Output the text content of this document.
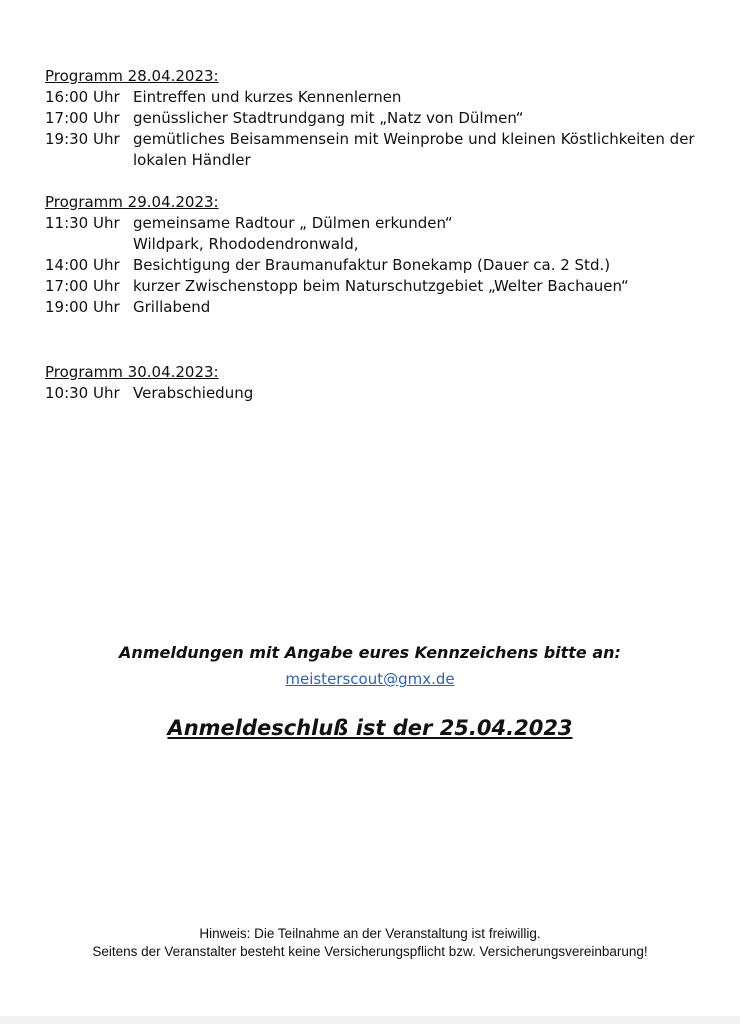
Programm 28.04.2023:
16:00 Uhr Eintreffen und kurzes Kennenlernen
17:00 Uhr genüsslicher Stadtrundgang mit „Natz von Dülmen“
19:30 Uhr gemütliches Beisammensein mit Weinprobe und kleinen Köstlichkeiten der
lokalen Händler
Programm 29.04.2023:
11:30 Uhr gemeinsame Radtour „ Dülmen erkunden“
Wildpark, Rhododendronwald,
14:00 Uhr Besichtigung der Braumanufaktur Bonekamp (Dauer ca. 2 Std.)
17:00 Uhr kurzer Zwischenstopp beim Naturschutzgebiet „Welter Bachauen“
19:00 Uhr Grillabend
Programm 30.04.2023:
10:30 Uhr Verabschiedung
Anmeldungen mit Angabe eures Kennzeichens bitte an:
meisterscout@gmx.de
Anmeldeschluß ist der 25.04.2023
Hinweis: Die Teilnahme an der Veranstaltung ist freiwillig.
Seitens der Veranstalter besteht keine Versicherungspflicht bzw. Versicherungsvereinbarung!
